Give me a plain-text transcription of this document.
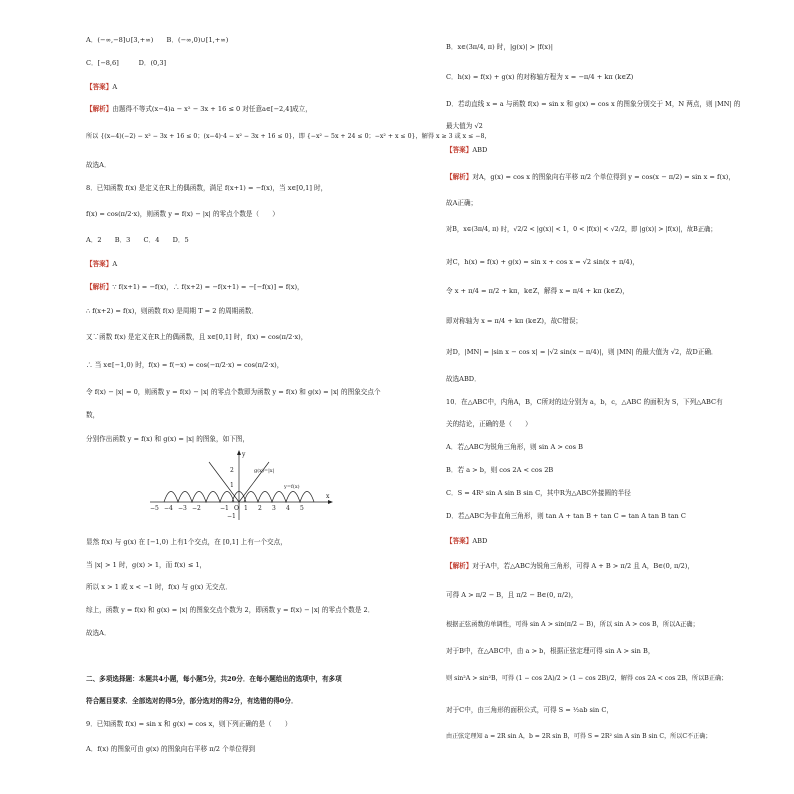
A．(−∞,−8]∪[3,+∞)　　B．(−∞,0)∪[1,+∞)
C．[−8,6]　　　D．(0,3]
【答案】A
【解析】由题得不等式(x−4)a − x² − 3x + 16 ≤ 0 对任意a∈[−2,4]成立，
所以 {(x−4)(−2) − x² − 3x + 16 ≤ 0；(x−4)·4 − x² − 3x + 16 ≤ 0}，即 {−x² − 5x + 24 ≤ 0；−x² + x ≤ 0}，解得 x ≥ 3 或 x ≤ −8，
故选A．
8．已知函数 f(x) 是定义在R上的偶函数，满足 f(x+1) = −f(x)，当 x∈[0,1] 时，
f(x) = cos(π/2·x)，则函数 y = f(x) − |x| 的零点个数是（　　）
A．2　　B．3　　C．4　　D．5
【答案】A
【解析】∵ f(x+1) = −f(x)，∴ f(x+2) = −f(x+1) = −[−f(x)] = f(x)，
∴ f(x+2) = f(x)，则函数 f(x) 是周期 T = 2 的周期函数．
又∵函数 f(x) 是定义在R上的偶函数，且 x∈[0,1] 时，f(x) = cos(π/2·x)，
∴ 当 x∈[−1,0) 时，f(x) = f(−x) = cos(−π/2·x) = cos(π/2·x)，
令 f(x) − |x| = 0，则函数 y = f(x) − |x| 的零点个数即为函数 y = f(x) 和 g(x) = |x| 的图象交点个
数，
分别作出函数 y = f(x) 和 g(x) = |x| 的图象，如下图，
−5 −4 −3 −2	−1 O 1 2 3 4 5
2
1
−1
x
y
g(x)=|x|
y=f(x)
显然 f(x) 与 g(x) 在 [−1,0) 上有1个交点，在 [0,1] 上有一个交点，
当 |x| > 1 时，g(x) > 1，而 f(x) ≤ 1，
所以 x > 1 或 x < −1 时，f(x) 与 g(x) 无交点．
综上，函数 y = f(x) 和 g(x) = |x| 的图象交点个数为 2，即函数 y = f(x) − |x| 的零点个数是 2．
故选A．
二、多项选择题：本题共4小题，每小题5分，共20分．在每小题给出的选项中，有多项
符合题目要求．全部选对的得5分，部分选对的得2分，有选错的得0分．
9．已知函数 f(x) = sin x 和 g(x) = cos x，则下列正确的是（　　）
A．f(x) 的图象可由 g(x) 的图象向右平移 π/2 个单位得到
B．x∈(3π/4, π) 时，|g(x)| > |f(x)|
C．h(x) = f(x) + g(x) 的对称轴方程为 x = −π/4 + kπ (k∈Z)
D．若动直线 x = a 与函数 f(x) = sin x 和 g(x) = cos x 的图象分别交于 M，N 两点，则 |MN| 的
最大值为 √2
【答案】ABD
【解析】对A，g(x) = cos x 的图象向右平移 π/2 个单位得到 y = cos(x − π/2) = sin x = f(x)，
故A正确；
对B，x∈(3π/4, π) 时，√2/2 < |g(x)| < 1，0 < |f(x)| < √2/2，即 |g(x)| > |f(x)|，故B正确；
对C，h(x) = f(x) + g(x) = sin x + cos x = √2 sin(x + π/4)，
令 x + π/4 = π/2 + kπ，k∈Z，解得 x = π/4 + kπ (k∈Z)，
即对称轴为 x = π/4 + kπ (k∈Z)，故C错误；
对D，|MN| = |sin x − cos x| = |√2 sin(x − π/4)|，则 |MN| 的最大值为 √2，故D正确．
故选ABD．
10．在△ABC中，内角A，B，C所对的边分别为 a，b，c，△ABC 的面积为 S，下列△ABC有
关的结论，正确的是（　　）
A．若△ABC为锐角三角形，则 sin A > cos B
B．若 a > b，则 cos 2A < cos 2B
C．S = 4R² sin A sin B sin C，其中R为△ABC外接圆的半径
D．若△ABC为非直角三角形，则 tan A + tan B + tan C = tan A tan B tan C
【答案】ABD
【解析】对于A中，若△ABC为锐角三角形，可得 A + B > π/2 且 A，B∈(0, π/2)，
可得 A > π/2 − B，且 π/2 − B∈(0, π/2)，
根据正弦函数的单调性，可得 sin A > sin(π/2 − B)，所以 sin A > cos B，所以A正确；
对于B中，在△ABC中，由 a > b，根据正弦定理可得 sin A > sin B，
则 sin²A > sin²B，可得 (1 − cos 2A)/2 > (1 − cos 2B)/2，解得 cos 2A < cos 2B，所以B正确；
对于C中，由三角形的面积公式，可得 S = ½ab sin C，
由正弦定理知 a = 2R sin A，b = 2R sin B，可得 S = 2R² sin A sin B sin C，所以C不正确；
